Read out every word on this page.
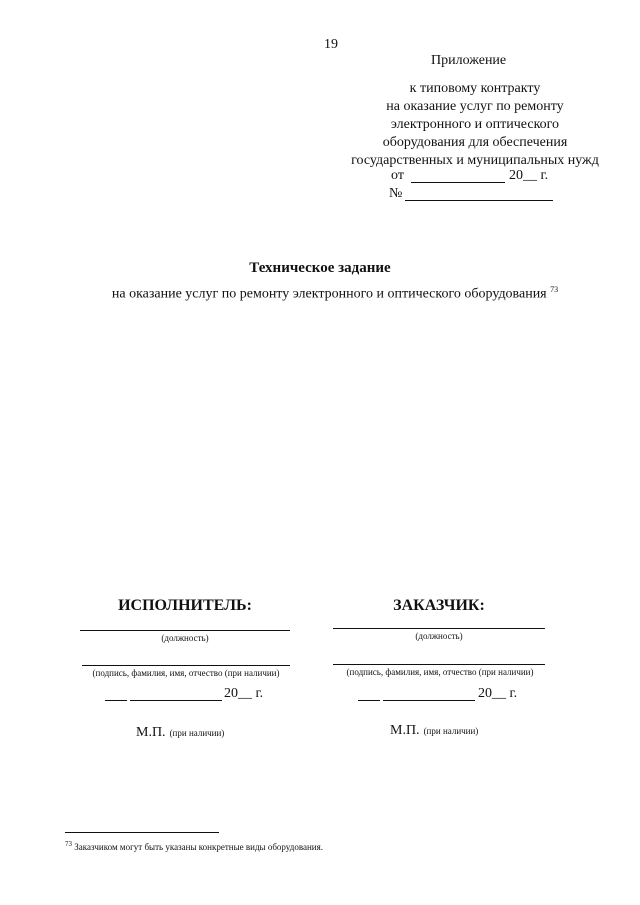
19
Приложение
к типовому контракту
на оказание услуг по ремонту
электронного и оптического
оборудования для обеспечения
государственных и муниципальных нужд
от	20__ г.
№
Техническое задание
на оказание услуг по ремонту электронного и оптического оборудования $^{73}$
ИСПОЛНИТЕЛЬ:
(должность)
(подпись, фамилия, имя, отчество (при наличии)
20__ г.
М.П. (при наличии)
ЗАКАЗЧИК:
(должность)
(подпись, фамилия, имя, отчество (при наличии)
20__ г.
М.П. (при наличии)
$^{73}$ Заказчиком могут быть указаны конкретные виды оборудования.
